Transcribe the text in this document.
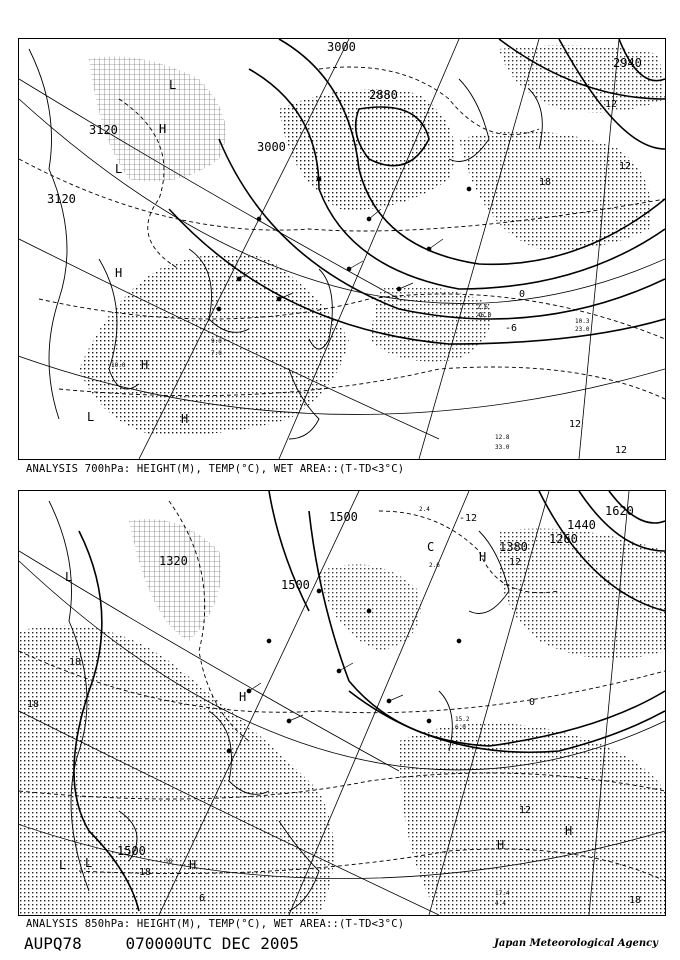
3000
2880
3000
3120
3120
2940
12
18
12
12
0
-6
12
L
H
L
H
H
L	H
12.8
33.0
10.3
23.0
2.6
46.0
9.0
7.0
10.0
ANALYSIS 700hPa: HEIGHT(M), TEMP(°C), WET AREA::(T-TD<3°C)
1500
1500
1380
1500
1320
1620
1260
1440
18
18
18
12
12
-12
18
0
6
L
L
H
L	H
H
H
H
C
17.4
4.4
18
15.2
6.0
2.4
2.6
ANALYSIS 850hPa: HEIGHT(M), TEMP(°C), WET AREA::(T-TD<3°C)
AUPQ78	070000UTC DEC 2005	Japan Meteorological Agency
